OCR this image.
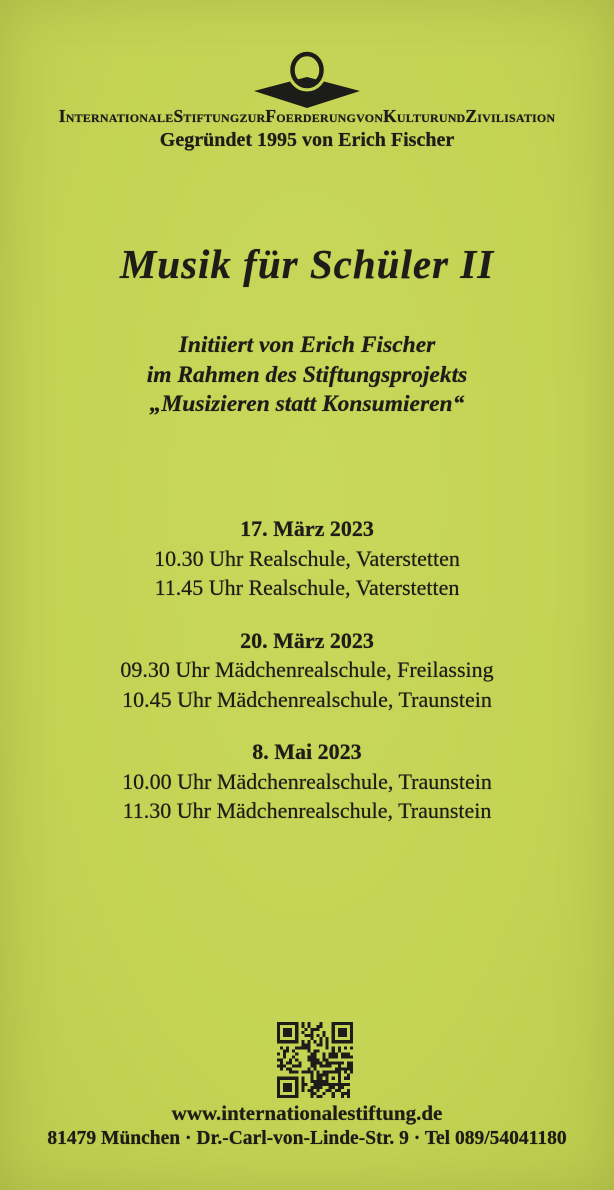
InternationaleStiftungzurFoerderungvonKulturundZivilisation
Gegründet 1995 von Erich Fischer
Musik für Schüler II
Initiiert von Erich Fischer
im Rahmen des Stiftungsprojekts
„Musizieren statt Konsumieren“
17. März 2023
10.30 Uhr Realschule, Vaterstetten
11.45 Uhr Realschule, Vaterstetten
20. März 2023
09.30 Uhr Mädchenrealschule, Freilassing
10.45 Uhr Mädchenrealschule, Traunstein
8. Mai 2023
10.00 Uhr Mädchenrealschule, Traunstein
11.30 Uhr Mädchenrealschule, Traunstein
www.internationalestiftung.de
81479 München · Dr.-Carl-von-Linde-Str. 9 · Tel 089/54041180
